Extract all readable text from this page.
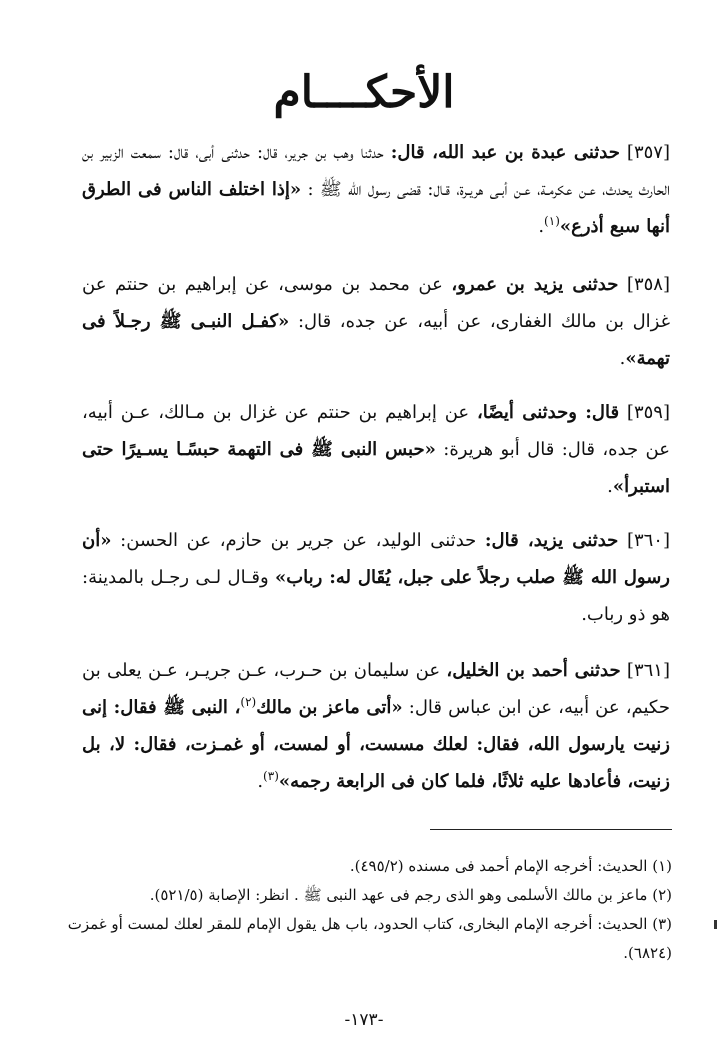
الأحكــــام

[٣٥٧] حدثنى عبدة بن عبد الله، قال: حدثنا وهب بن جرير، قال: حدثنى أبى، قال: سمعت الزبير بن الحارث يحدث، عـن عكرمـة، عـن أبـى هريـرة، قـال: قضى رسول الله ﷺ : «إذا اختلف الناس فى الطرق أنها سبع أذرع»$^{(١)}$.

[٣٥٨] حدثنى يزيد بن عمرو، عن محمد بن موسى، عن إبراهيم بن حنتم عن غزال بن مالك الغفارى، عن أبيه، عن جده، قال: «كفـل النبـى ﷺ رجـلاً فى تهمة».

[٣٥٩] قال: وحدثنى أيضًا، عن إبراهيم بن حنتم عن غزال بن مـالك، عـن أبيه، عن جده، قال: قال أبو هريرة: «حبس النبى ﷺ فى التهمة حبسًـا يسـيرًا حتى استبرأ».

[٣٦٠] حدثنى يزيد، قال: حدثنى الوليد، عن جرير بن حازم، عن الحسن: «أن رسول الله ﷺ صلب رجلاً على جبل، يُقَال له: رباب» وقـال لـى رجـل بالمدينة: هو ذو رباب.

[٣٦١] حدثنى أحمد بن الخليل، عن سليمان بن حـرب، عـن جريـر، عـن يعلى بن حكيم، عن أبيه، عن ابن عباس قال: «أتى ماعز بن مالك$^{(٢)}$، النبى ﷺ فقال: إنى زنيت يارسول الله، فقال: لعلك مسست، أو لمست، أو غمـزت، فقال: لا، بل زنيت، فأعادها عليه ثلاثًا، فلما كان فى الرابعة رجمه»$^{(٣)}$.

(١) الحديث: أخرجه الإمام أحمد فى مسنده (٤٩٥/٢).
(٢) ماعز بن مالك الأسلمى وهو الذى رجم فى عهد النبى ﷺ . انظر: الإصابة (٥٢١/٥).
(٣) الحديث: أخرجه الإمام البخارى، كتاب الحدود، باب هل يقول الإمام للمقر لعلك لمست أو غمزت (٦٨٢٤).
-١٧٣-
